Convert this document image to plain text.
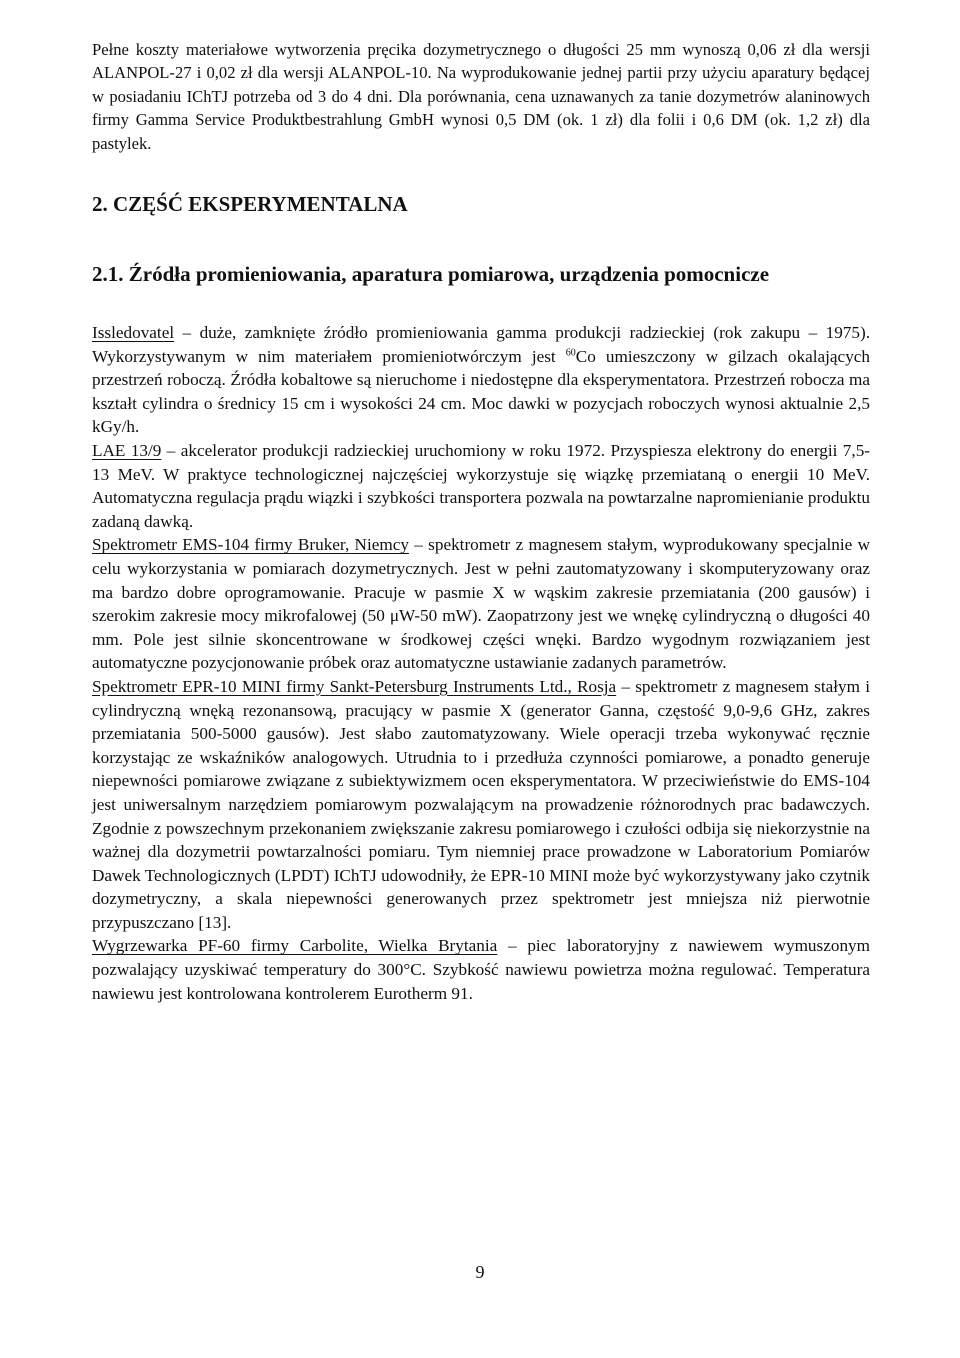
Pełne koszty materiałowe wytworzenia pręcika dozymetrycznego o długości 25 mm wynoszą 0,06 zł dla wersji ALANPOL-27 i 0,02 zł dla wersji ALANPOL-10. Na wyprodukowanie jednej partii przy użyciu aparatury będącej w posiadaniu IChTJ potrzeba od 3 do 4 dni. Dla porównania, cena uznawanych za tanie dozymetrów alaninowych firmy Gamma Service Produktbestrahlung GmbH wynosi 0,5 DM (ok. 1 zł) dla folii i 0,6 DM (ok. 1,2 zł) dla pastylek.

2. CZĘŚĆ EKSPERYMENTALNA
2.1. Źródła promieniowania, aparatura pomiarowa, urządzenia pomocnicze

Issledovatel – duże, zamknięte źródło promieniowania gamma produkcji radzieckiej (rok zakupu – 1975). Wykorzystywanym w nim materiałem promieniotwórczym jest $^{60}$Co umieszczony w gilzach okalających przestrzeń roboczą. Źródła kobaltowe są nieruchome i niedostępne dla eksperymentatora. Przestrzeń robocza ma kształt cylindra o średnicy 15 cm i wysokości 24 cm. Moc dawki w pozycjach roboczych wynosi aktualnie 2,5 kGy/h.

LAE 13/9 – akcelerator produkcji radzieckiej uruchomiony w roku 1972. Przyspiesza elektrony do energii 7,5-13 MeV. W praktyce technologicznej najczęściej wykorzystuje się wiązkę przemiataną o energii 10 MeV. Automatyczna regulacja prądu wiązki i szybkości transportera pozwala na powtarzalne napromienianie produktu zadaną dawką.

Spektrometr EMS-104 firmy Bruker, Niemcy – spektrometr z magnesem stałym, wyprodukowany specjalnie w celu wykorzystania w pomiarach dozymetrycznych. Jest w pełni zautomatyzowany i skomputeryzowany oraz ma bardzo dobre oprogramowanie. Pracuje w pasmie X w wąskim zakresie przemiatania (200 gausów) i szerokim zakresie mocy mikrofalowej (50 μW-50 mW). Zaopatrzony jest we wnękę cylindryczną o długości 40 mm. Pole jest silnie skoncentrowane w środkowej części wnęki. Bardzo wygodnym rozwiązaniem jest automatyczne pozycjonowanie próbek oraz automatyczne ustawianie zadanych parametrów.

Spektrometr EPR-10 MINI firmy Sankt-Petersburg Instruments Ltd., Rosja – spektrometr z magnesem stałym i cylindryczną wnęką rezonansową, pracujący w pasmie X (generator Ganna, częstość 9,0-9,6 GHz, zakres przemiatania 500-5000 gausów). Jest słabo zautomatyzowany. Wiele operacji trzeba wykonywać ręcznie korzystając ze wskaźników analogowych. Utrudnia to i przedłuża czynności pomiarowe, a ponadto generuje niepewności pomiarowe związane z subiektywizmem ocen eksperymentatora. W przeciwieństwie do EMS-104 jest uniwersalnym narzędziem pomiarowym pozwalającym na prowadzenie różnorodnych prac badawczych. Zgodnie z powszechnym przekonaniem zwiększanie zakresu pomiarowego i czułości odbija się niekorzystnie na ważnej dla dozymetrii powtarzalności pomiaru. Tym niemniej prace prowadzone w Laboratorium Pomiarów Dawek Technologicznych (LPDT) IChTJ udowodniły, że EPR-10 MINI może być wykorzystywany jako czytnik dozymetryczny, a skala niepewności generowanych przez spektrometr jest mniejsza niż pierwotnie przypuszczano [13].

Wygrzewarka PF-60 firmy Carbolite, Wielka Brytania – piec laboratoryjny z nawiewem wymuszonym pozwalający uzyskiwać temperatury do 300°C. Szybkość nawiewu powietrza można regulować. Temperatura nawiewu jest kontrolowana kontrolerem Eurotherm 91.

9
